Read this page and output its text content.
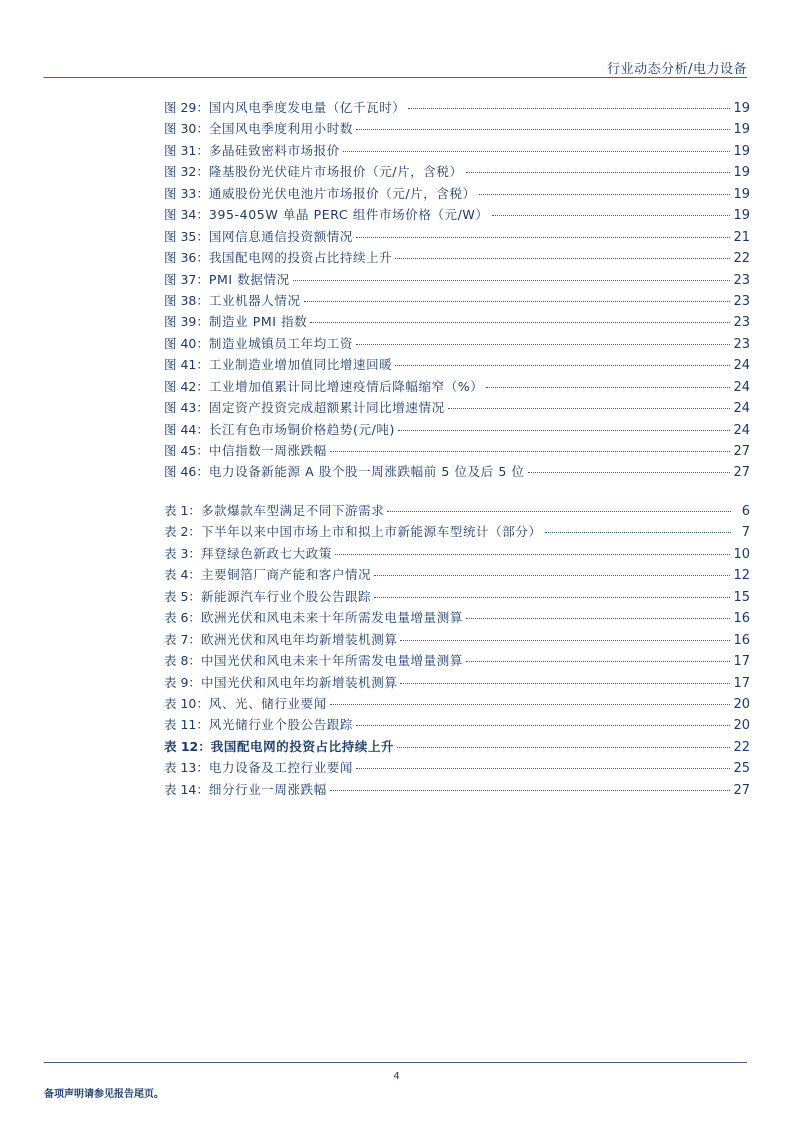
行业动态分析/电力设备
图 29： 国内风电季度发电量（亿千瓦时）	19
图 30： 全国风电季度利用小时数	19
图 31： 多晶硅致密料市场报价	19
图 32： 隆基股份光伏硅片市场报价（元/片，含税）	19
图 33： 通威股份光伏电池片市场报价（元/片，含税）	19
图 34： 395-405W 单晶 PERC 组件市场价格（元/W）	19
图 35： 国网信息通信投资额情况	21
图 36： 我国配电网的投资占比持续上升	22
图 37： PMI 数据情况	23
图 38： 工业机器人情况	23
图 39： 制造业 PMI 指数	23
图 40： 制造业城镇员工年均工资	23
图 41： 工业制造业增加值同比增速回暖	24
图 42： 工业增加值累计同比增速疫情后降幅缩窄（%）	24
图 43： 固定资产投资完成超额累计同比增速情况	24
图 44： 长江有色市场铜价格趋势(元/吨)	24
图 45： 中信指数一周涨跌幅	27
图 46： 电力设备新能源 A 股个股一周涨跌幅前 5 位及后 5 位	27
表 1： 多款爆款车型满足不同下游需求	6
表 2： 下半年以来中国市场上市和拟上市新能源车型统计（部分）	7
表 3： 拜登绿色新政七大政策	10
表 4： 主要铜箔厂商产能和客户情况	12
表 5： 新能源汽车行业个股公告跟踪	15
表 6： 欧洲光伏和风电未来十年所需发电量增量测算	16
表 7： 欧洲光伏和风电年均新增装机测算	16
表 8： 中国光伏和风电未来十年所需发电量增量测算	17
表 9： 中国光伏和风电年均新增装机测算	17
表 10： 风、光、储行业要闻	20
表 11： 风光储行业个股公告跟踪	20
表 12： 我国配电网的投资占比持续上升	22
表 13： 电力设备及工控行业要闻	25
表 14： 细分行业一周涨跌幅	27
4
备项声明请参见报告尾页。
